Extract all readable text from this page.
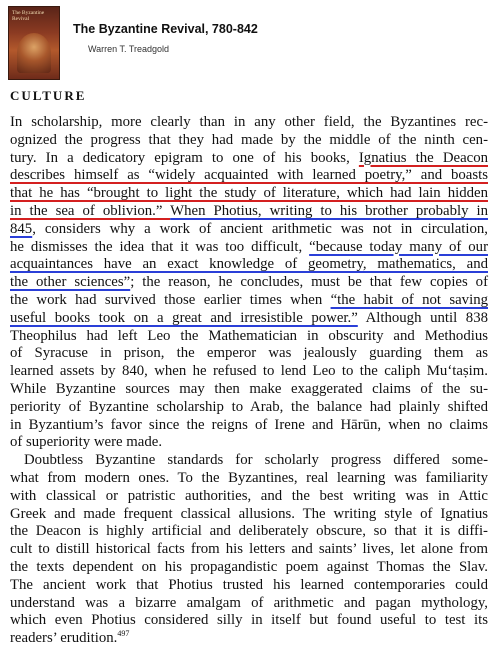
The Byzantine Revival
The Byzantine Revival, 780-842
Warren T. Treadgold
CULTURE
In scholarship, more clearly than in any other field, the Byzantines rec-
ognized the progress that they had made by the middle of the ninth cen-
tury. In a dedicatory epigram to one of his books, Ignatius the Deacon
describes himself as “widely acquainted with learned poetry,” and boasts
that he has “brought to light the study of literature, which had lain hidden
in the sea of oblivion.” When Photius, writing to his brother probably in
845, considers why a work of ancient arithmetic was not in circulation,
he dismisses the idea that it was too difficult, “because today many of our
acquaintances have an exact knowledge of geometry, mathematics, and
the other sciences”; the reason, he concludes, must be that few copies of
the work had survived those earlier times when “the habit of not saving
useful books took on a great and irresistible power.” Although until 838
Theophilus had left Leo the Mathematician in obscurity and Methodius
of Syracuse in prison, the emperor was jealously guarding them as
learned assets by 840, when he refused to lend Leo to the caliph Mu‘taṣim.
While Byzantine sources may then make exaggerated claims of the su-
periority of Byzantine scholarship to Arab, the balance had plainly shifted
in Byzantium’s favor since the reigns of Irene and Hārūn, when no claims
of superiority were made.
Doubtless Byzantine standards for scholarly progress differed some-
what from modern ones. To the Byzantines, real learning was familiarity
with classical or patristic authorities, and the best writing was in Attic
Greek and made frequent classical allusions. The writing style of Ignatius
the Deacon is highly artificial and deliberately obscure, so that it is diffi-
cult to distill historical facts from his letters and saints’ lives, let alone from
the texts dependent on his propagandistic poem against Thomas the Slav.
The ancient work that Photius trusted his learned contemporaries could
understand was a bizarre amalgam of arithmetic and pagan mythology,
which even Photius considered silly in itself but found useful to test its
readers’ erudition.$^{497}$
